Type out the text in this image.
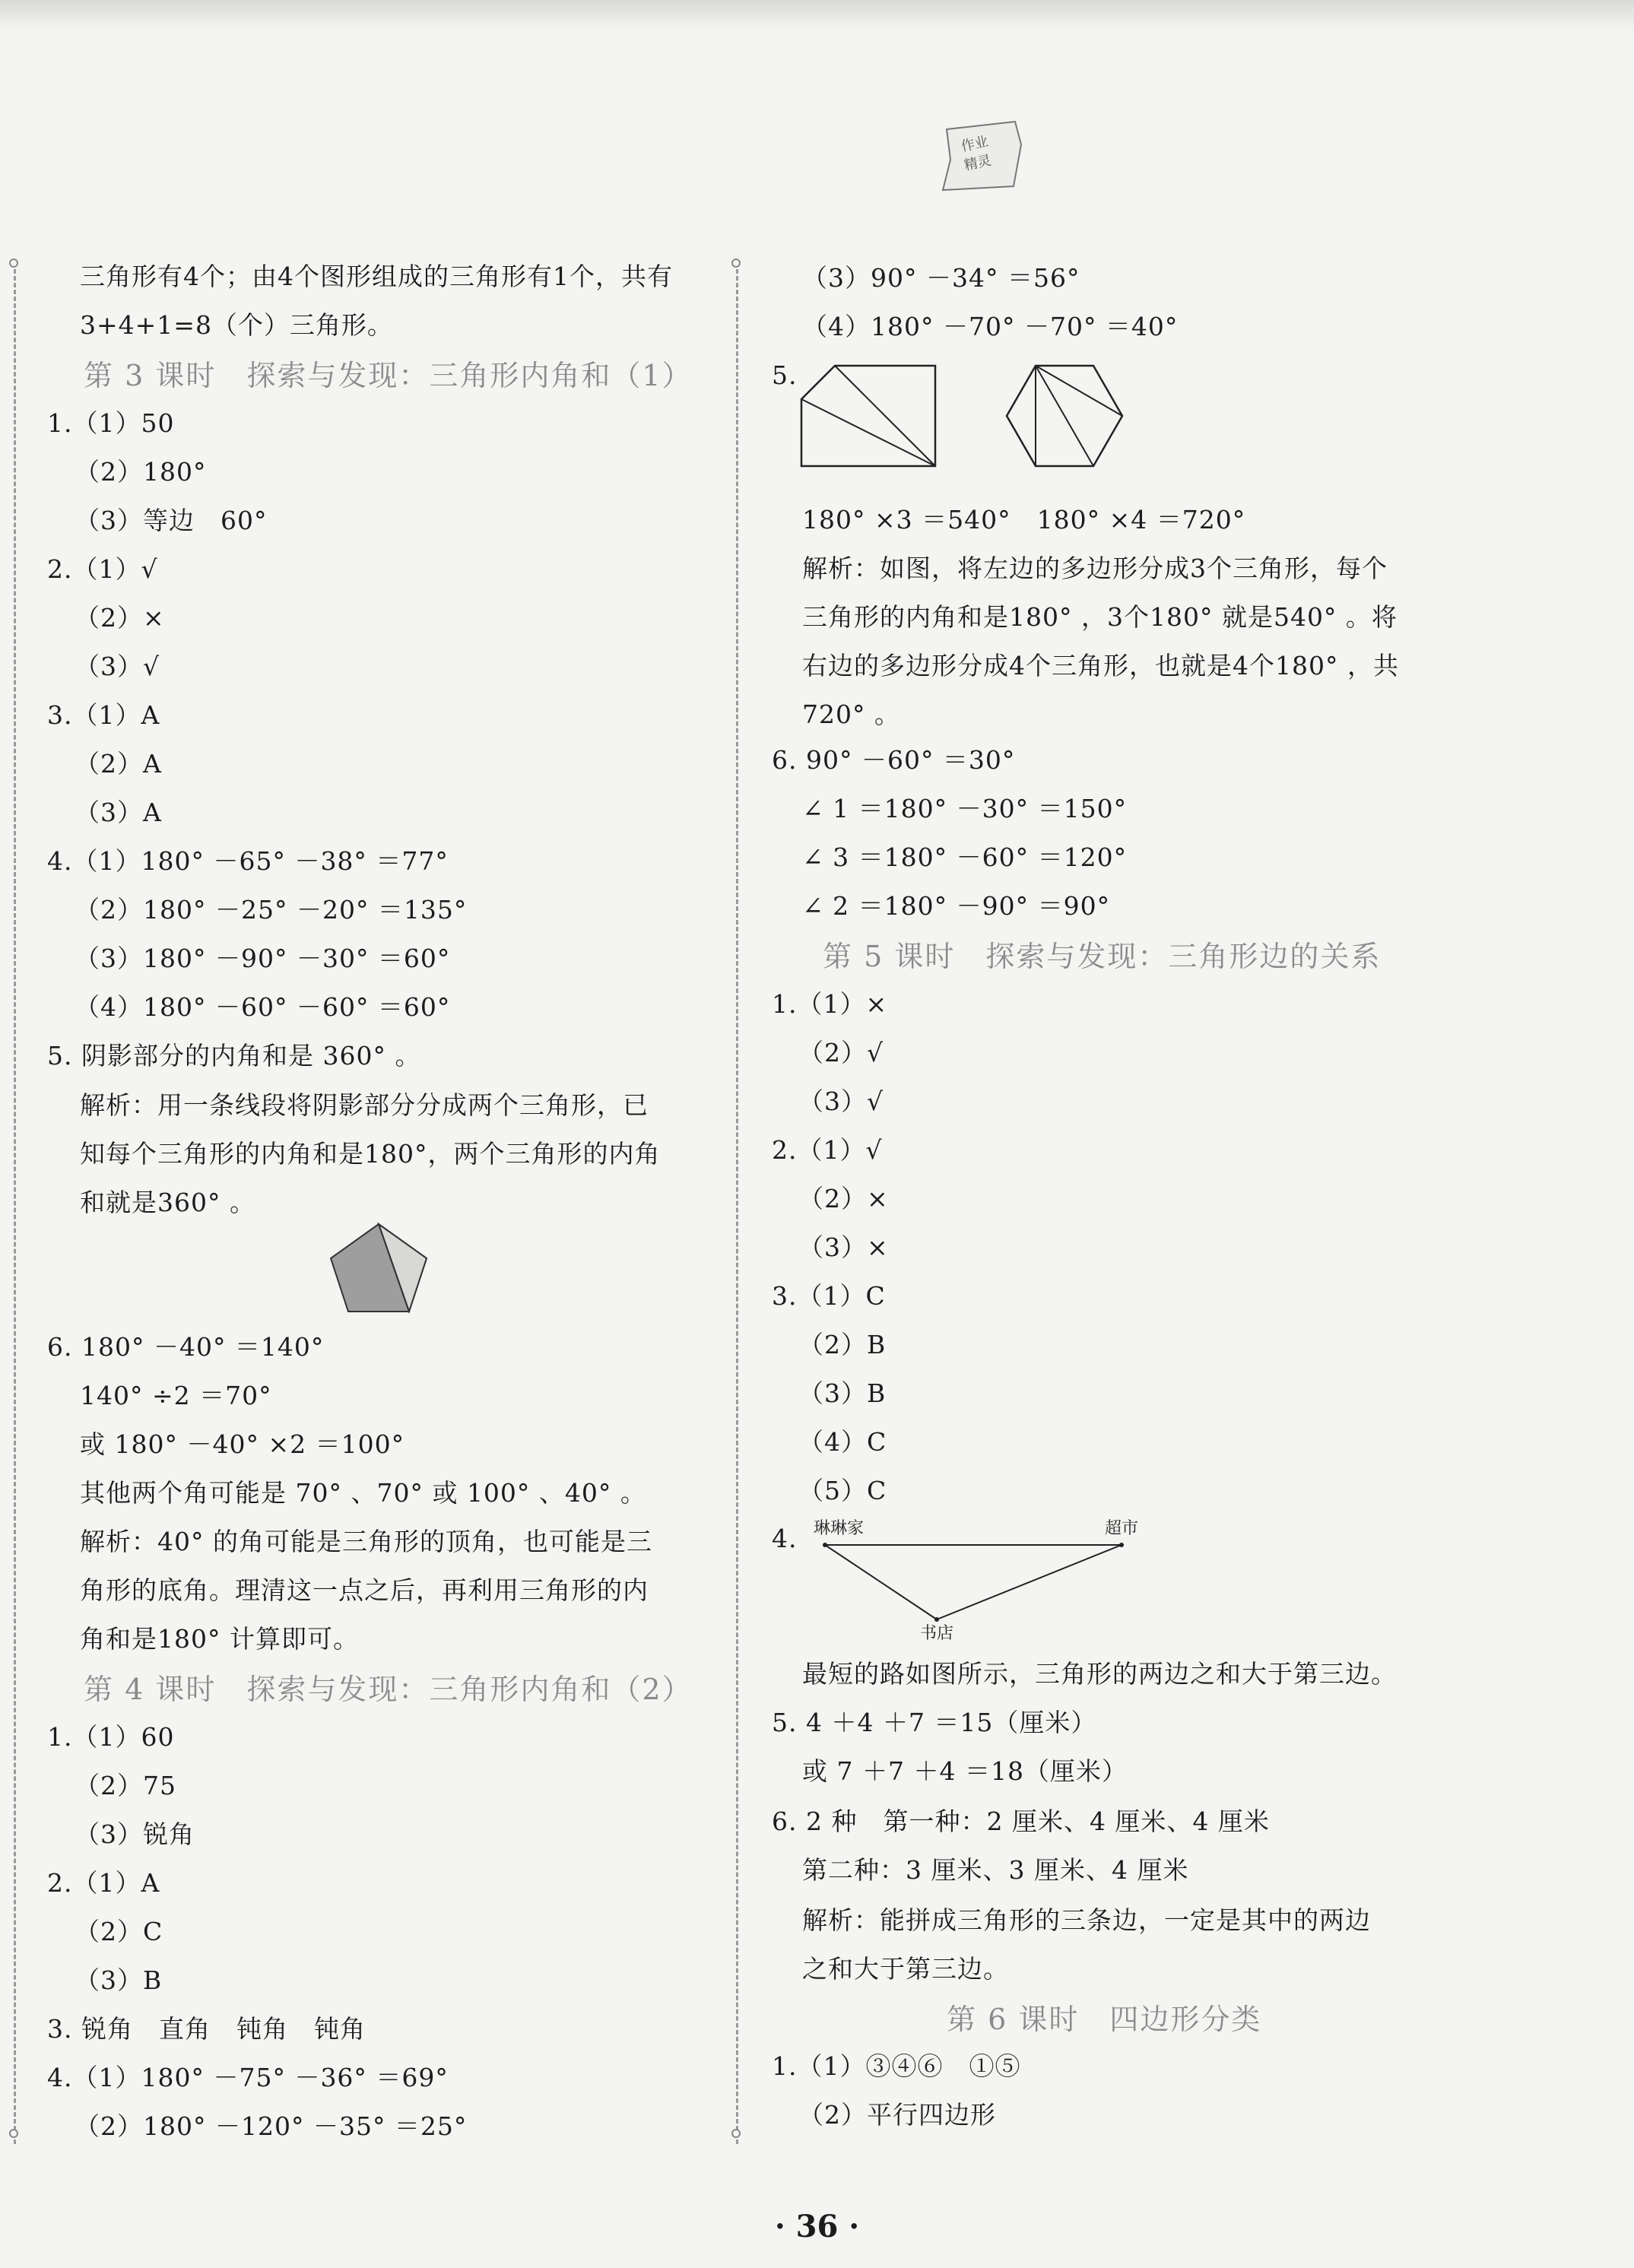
作业
精灵
三角形有4个；由4个图形组成的三角形有1个，共有
3+4+1=8（个）三角形。
第 3 课时　探索与发现：三角形内角和（1）
1.（1）50
（2）180°
（3）等边　60°
2.（1）√
（2）×
（3）√
3.（1）A
（2）A
（3）A
4.（1）180° －65° －38° ＝77°
（2）180° －25° －20° ＝135°
（3）180° －90° －30° ＝60°
（4）180° －60° －60° ＝60°
5. 阴影部分的内角和是 360° 。
解析：用一条线段将阴影部分分成两个三角形，已
知每个三角形的内角和是180°，两个三角形的内角
和就是360° 。
6. 180° －40° ＝140°
140° ÷2 ＝70°
或 180° －40° ×2 ＝100°
其他两个角可能是 70° 、70° 或 100° 、40° 。
解析：40° 的角可能是三角形的顶角，也可能是三
角形的底角。理清这一点之后，再利用三角形的内
角和是180° 计算即可。
第 4 课时　探索与发现：三角形内角和（2）
1.（1）60
（2）75
（3）锐角
2.（1）A
（2）C
（3）B
3. 锐角　直角　钝角　钝角
4.（1）180° －75° －36° ＝69°
（2）180° －120° －35° ＝25°
（3）90° －34° ＝56°
（4）180° －70° －70° ＝40°
5.
180° ×3 ＝540°　180° ×4 ＝720°
解析：如图，将左边的多边形分成3个三角形，每个
三角形的内角和是180° ，3个180° 就是540° 。将
右边的多边形分成4个三角形，也就是4个180° ，共
720° 。
6. 90° －60° ＝30°
∠ 1 ＝180° －30° ＝150°
∠ 3 ＝180° －60° ＝120°
∠ 2 ＝180° －90° ＝90°
第 5 课时　探索与发现：三角形边的关系
1.（1）×
（2）√
（3）√
2.（1）√
（2）×
（3）×
3.（1）C
（2）B
（3）B
（4）C
（5）C
4. 琳琳家	超市
书店
最短的路如图所示，三角形的两边之和大于第三边。
5. 4 ＋4 ＋7 ＝15（厘米）
或 7 ＋7 ＋4 ＝18（厘米）
6. 2 种　第一种：2 厘米、4 厘米、4 厘米
第二种：3 厘米、3 厘米、4 厘米
解析：能拼成三角形的三条边，一定是其中的两边
之和大于第三边。
第 6 课时　四边形分类
1.（1）③④⑥　①⑤
（2）平行四边形
· 36 ·
